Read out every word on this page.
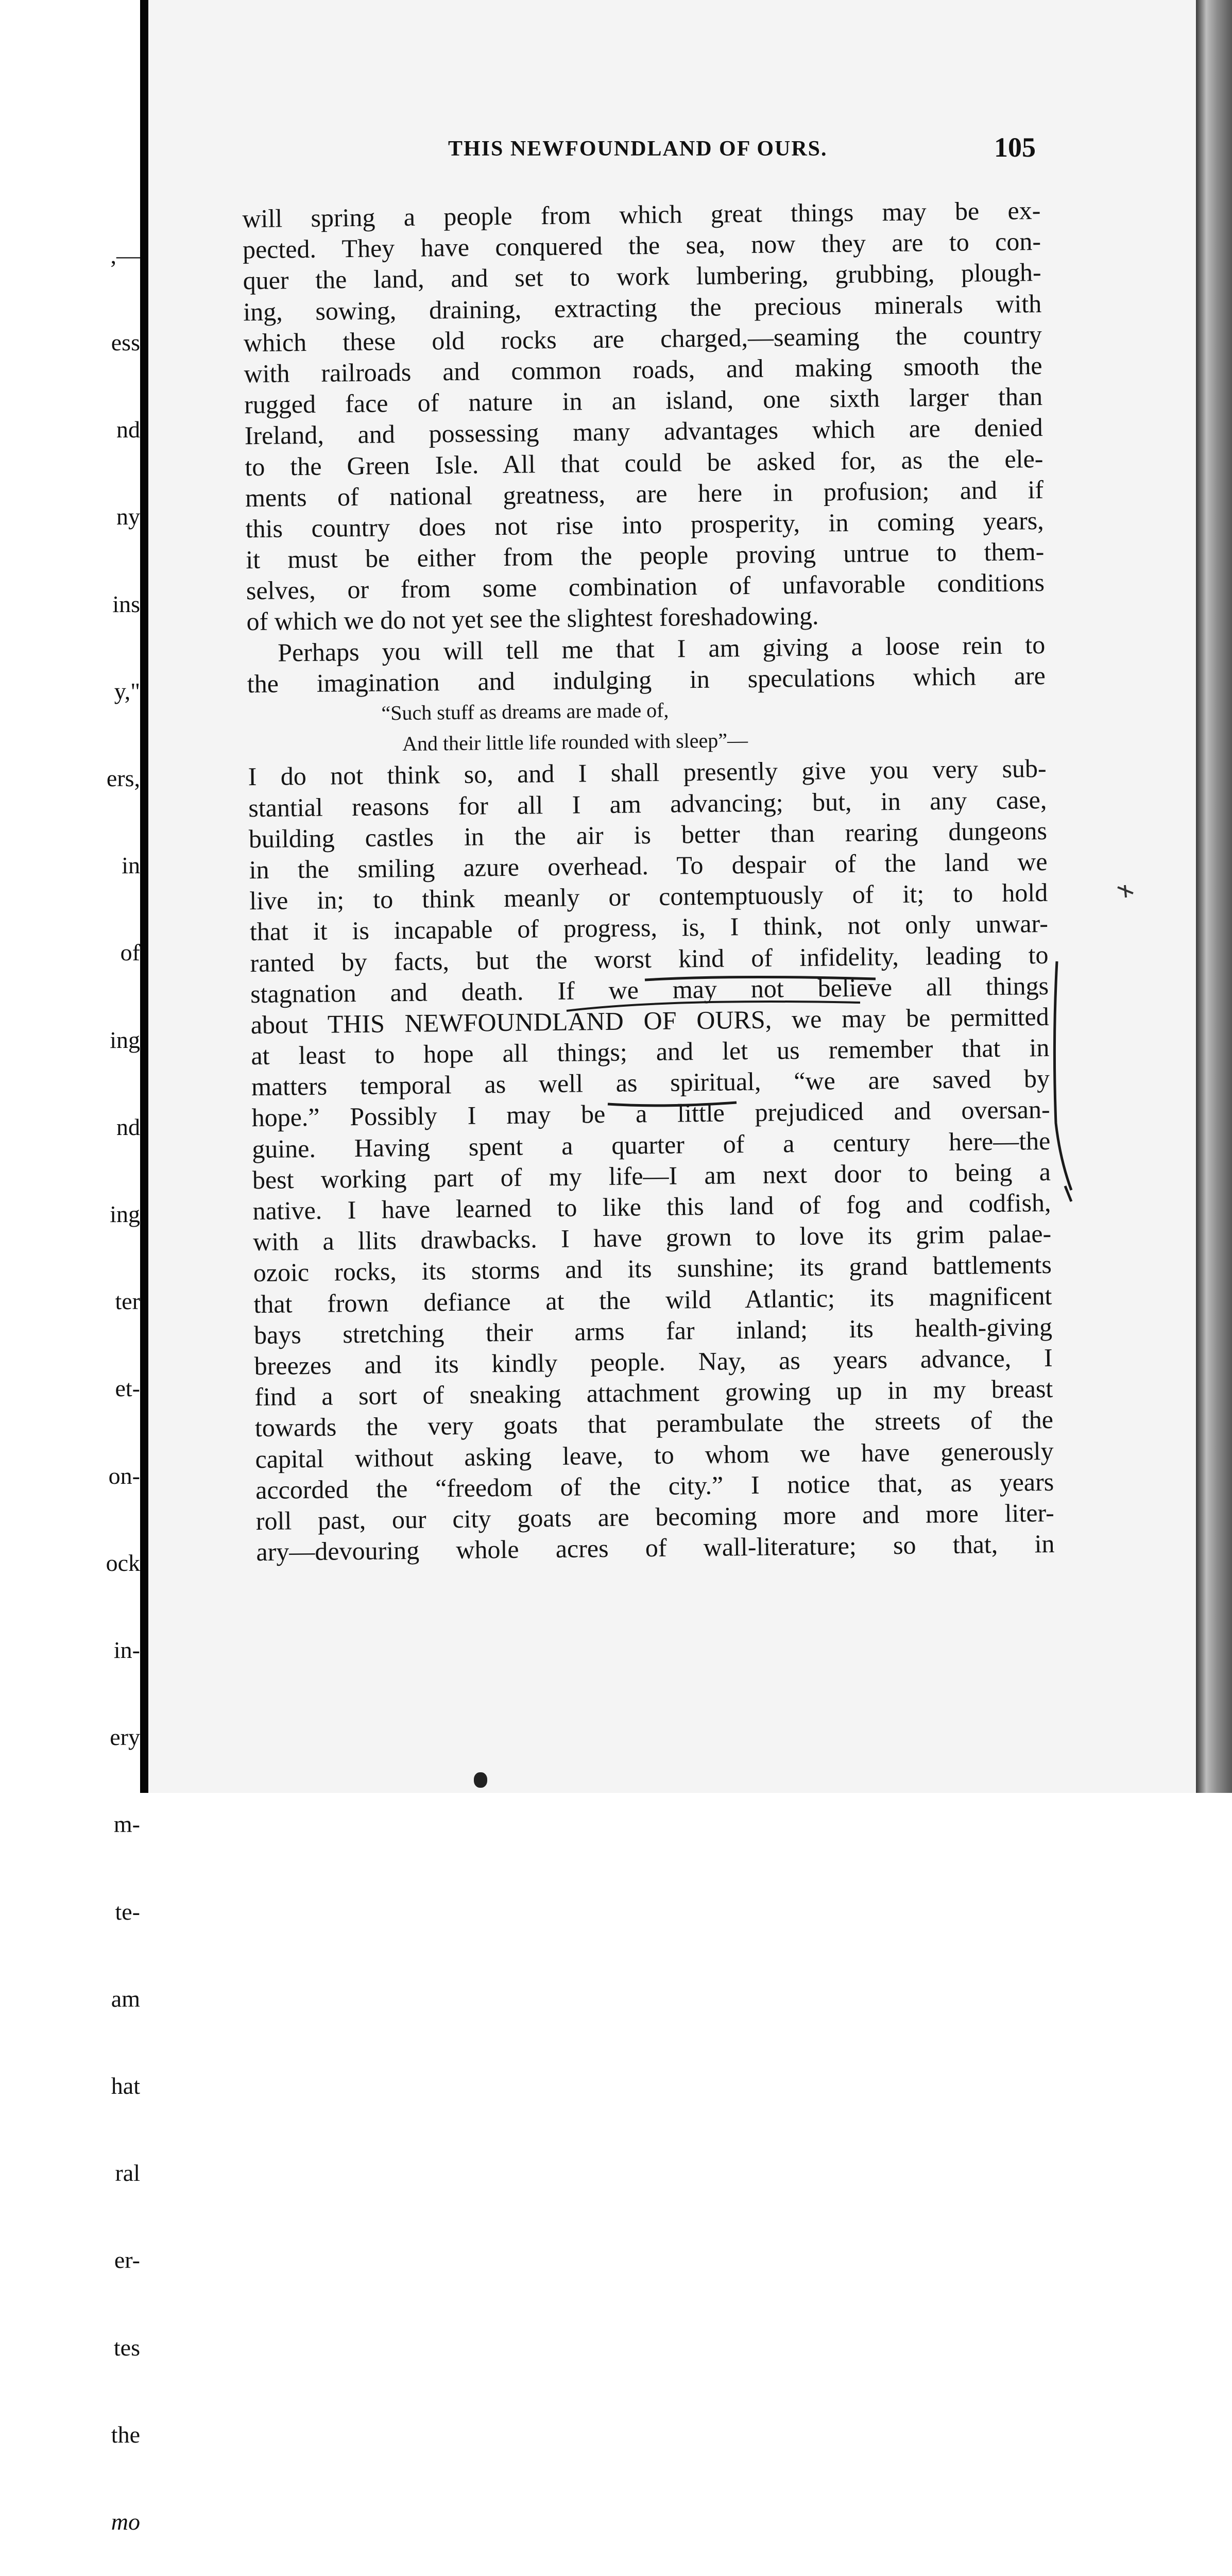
,—

ess

nd

ny

ins

y,"

ers,

in

of

ing

nd

ing

ter

et-

on-

ock

in-

ery

m-

te-

am

hat

ral

er-

tes

the

mo

THIS NEWFOUNDLAND OF OURS.	105
will spring a people from which great things may be ex-
pected. They have conquered the sea, now they are to con-
quer the land, and set to work lumbering, grubbing, plough-
ing, sowing, draining, extracting the precious minerals with
which these old rocks are charged,—seaming the country
with railroads and common roads, and making smooth the
rugged face of nature in an island, one sixth larger than
Ireland, and possessing many advantages which are denied
to the Green Isle. All that could be asked for, as the ele-
ments of national greatness, are here in profusion; and if
this country does not rise into prosperity, in coming years,
it must be either from the people proving untrue to them-
selves, or from some combination of unfavorable conditions
of which we do not yet see the slightest foreshadowing.
Perhaps you will tell me that I am giving a loose rein to
the imagination and indulging in speculations which are
“Such stuff as dreams are made of,
And their little life rounded with sleep”—
I do not think so, and I shall presently give you very sub-
stantial reasons for all I am advancing; but, in any case,
building castles in the air is better than rearing dungeons
in the smiling azure overhead. To despair of the land we
live in; to think meanly or contemptuously of it; to hold
that it is incapable of progress, is, I think, not only unwar-
ranted by facts, but the worst kind of infidelity, leading to
stagnation and death. If we may not believe all things
about THIS NEWFOUNDLAND OF OURS, we may be permitted
at least to hope all things; and let us remember that in
matters temporal as well as spiritual, “we are saved by
hope.” Possibly I may be a little prejudiced and oversan-
guine. Having spent a quarter of a century here—the
best working part of my life—I am next door to being a
native. I have learned to like this land of fog and codfish,
with a llits drawbacks. I have grown to love its grim palae-
ozoic rocks, its storms and its sunshine; its grand battlements
that frown defiance at the wild Atlantic; its magnificent
bays stretching their arms far inland; its health-giving
breezes and its kindly people. Nay, as years advance, I
find a sort of sneaking attachment growing up in my breast
towards the very goats that perambulate the streets of the
capital without asking leave, to whom we have generously
accorded the “freedom of the city.” I notice that, as years
roll past, our city goats are becoming more and more liter-
ary—devouring whole acres of wall-literature; so that, in
